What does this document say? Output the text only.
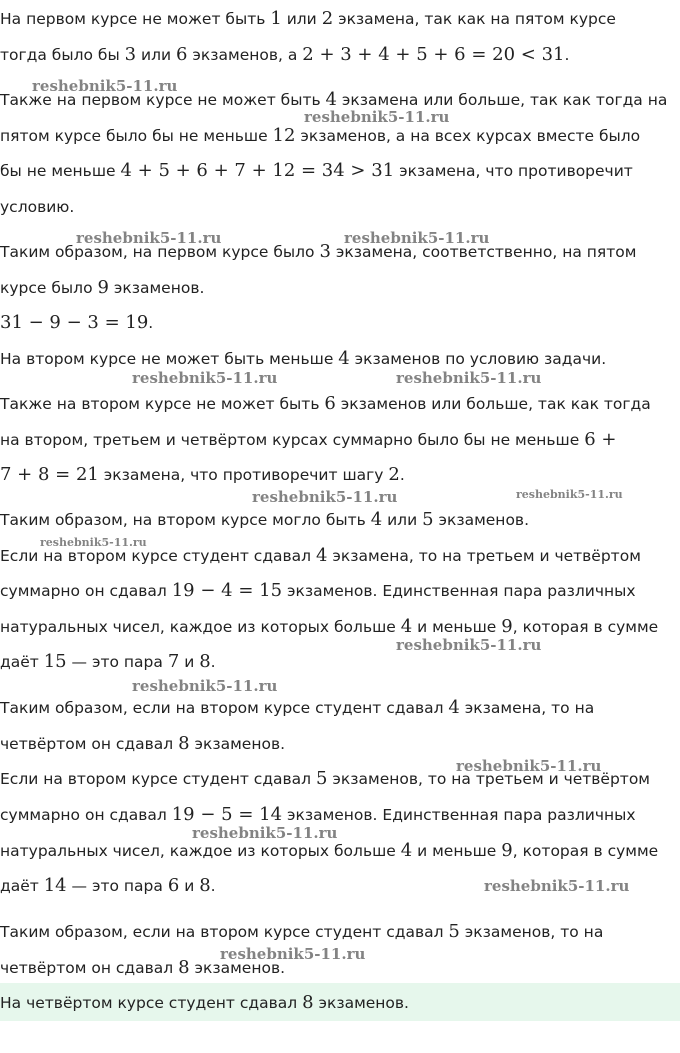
На первом курсе не может быть 1 или 2 экзамена, так как на пятом курсе
тогда было бы 3 или 6 экзаменов, а 2 + 3 + 4 + 5 + 6 = 20 < 31.
Также на первом курсе не может быть 4 экзамена или больше, так как тогда на
пятом курсе было бы не меньше 12 экзаменов, а на всех курсах вместе было
бы не меньше 4 + 5 + 6 + 7 + 12 = 34 > 31 экзамена, что противоречит
условию.
Таким образом, на первом курсе было 3 экзамена, соответственно, на пятом
курсе было 9 экзаменов.
31 − 9 − 3 = 19.
На втором курсе не может быть меньше 4 экзаменов по условию задачи.
Также на втором курсе не может быть 6 экзаменов или больше, так как тогда
на втором, третьем и четвёртом курсах суммарно было бы не меньше 6 +
7 + 8 = 21 экзамена, что противоречит шагу 2.
Таким образом, на втором курсе могло быть 4 или 5 экзаменов.
Если на втором курсе студент сдавал 4 экзамена, то на третьем и четвёртом
суммарно он сдавал 19 − 4 = 15 экзаменов. Единственная пара различных
натуральных чисел, каждое из которых больше 4 и меньше 9, которая в сумме
даёт 15 — это пара 7 и 8.
Таким образом, если на втором курсе студент сдавал 4 экзамена, то на
четвёртом он сдавал 8 экзаменов.
Если на втором курсе студент сдавал 5 экзаменов, то на третьем и четвёртом
суммарно он сдавал 19 − 5 = 14 экзаменов. Единственная пара различных
натуральных чисел, каждое из которых больше 4 и меньше 9, которая в сумме
даёт 14 — это пара 6 и 8.
Таким образом, если на втором курсе студент сдавал 5 экзаменов, то на
четвёртом он сдавал 8 экзаменов.
На четвёртом курсе студент сдавал 8 экзаменов.
reshebnik5-11.ru
reshebnik5-11.ru
reshebnik5-11.ru	reshebnik5-11.ru
reshebnik5-11.ru	reshebnik5-11.ru
reshebnik5-11.ru	reshebnik5-11.ru
reshebnik5-11.ru
reshebnik5-11.ru
reshebnik5-11.ru
reshebnik5-11.ru
reshebnik5-11.ru
reshebnik5-11.ru
reshebnik5-11.ru
